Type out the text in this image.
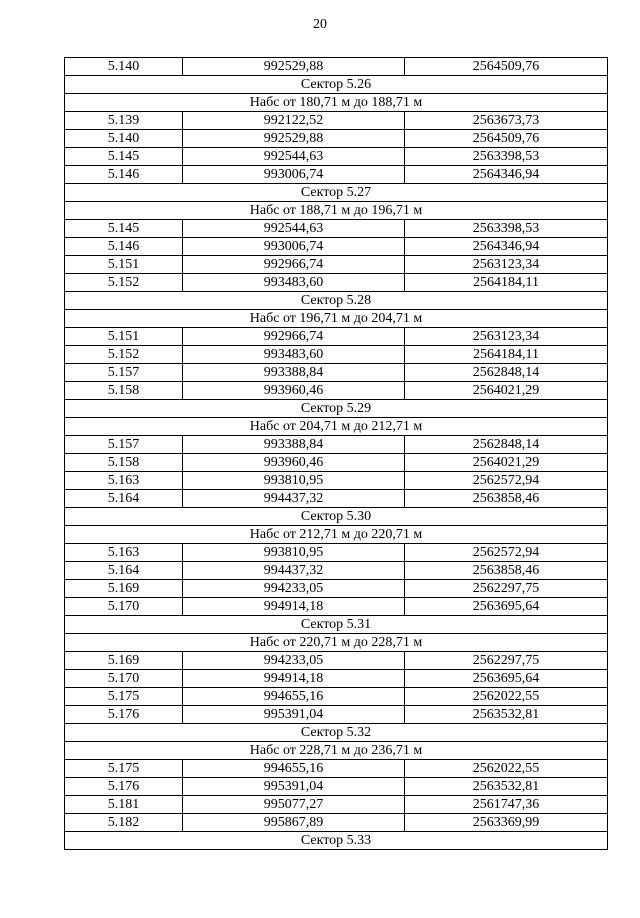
20
5.140	992529,88	2564509,76
Сектор 5.26		
Набс от 180,71 м до 188,71 м		
5.139	992122,52	2563673,73
5.140	992529,88	2564509,76
5.145	992544,63	2563398,53
5.146	993006,74	2564346,94
Сектор 5.27		
Набс от 188,71 м до 196,71 м		
5.145	992544,63	2563398,53
5.146	993006,74	2564346,94
5.151	992966,74	2563123,34
5.152	993483,60	2564184,11
Сектор 5.28		
Набс от 196,71 м до 204,71 м		
5.151	992966,74	2563123,34
5.152	993483,60	2564184,11
5.157	993388,84	2562848,14
5.158	993960,46	2564021,29
Сектор 5.29		
Набс от 204,71 м до 212,71 м		
5.157	993388,84	2562848,14
5.158	993960,46	2564021,29
5.163	993810,95	2562572,94
5.164	994437,32	2563858,46
Сектор 5.30		
Набс от 212,71 м до 220,71 м		
5.163	993810,95	2562572,94
5.164	994437,32	2563858,46
5.169	994233,05	2562297,75
5.170	994914,18	2563695,64
Сектор 5.31		
Набс от 220,71 м до 228,71 м		
5.169	994233,05	2562297,75
5.170	994914,18	2563695,64
5.175	994655,16	2562022,55
5.176	995391,04	2563532,81
Сектор 5.32		
Набс от 228,71 м до 236,71 м		
5.175	994655,16	2562022,55
5.176	995391,04	2563532,81
5.181	995077,27	2561747,36
5.182	995867,89	2563369,99
Сектор 5.33		
